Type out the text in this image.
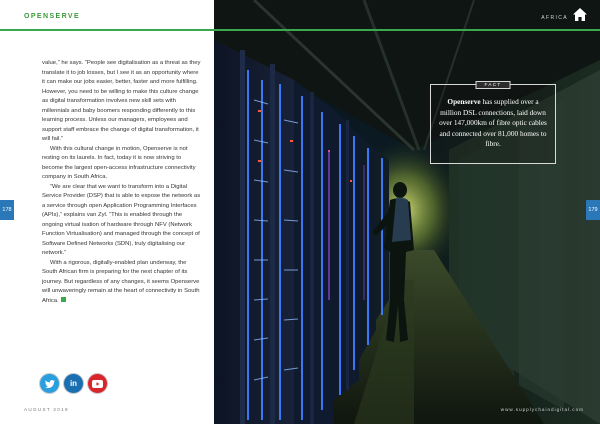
OPENSERVE

value,” he says. “People see digitalisation as a threat as they translate it to job losses, but I see it as an opportunity where it can make our jobs easier, better, faster and more fulfilling. However, you need to be willing to make this culture change as digital transformation involves new skill sets with millennials and baby boomers responding differently to this learning process. Unless our managers, employees and support staff embrace the change of digital transformation, it will fail.”

With this cultural change in motion, Openserve is not resting on its laurels. In fact, today it is now striving to become the largest open-access infrastructure connectivity company in South Africa.

“We are clear that we want to transform into a Digital Service Provider (DSP) that is able to expose the network as a service through open Application Programming Interfaces (APIs),” explains van Zyl. “This is enabled through the ongoing virtual isation of hardware through NFV (Network Function Virtualisation) and managed through the concept of Software Defined Networks (SDN), truly digitalising our network.”

With a rigorous, digitally-enabled plan underway, the South African firm is preparing for the next chapter of its journey. But regardless of any changes, it seems Openserve will unwaveringly remain at the heart of connectivity in South Africa.

in
AUGUST 2018
178
AFRICA
FACT
Openserve has supplied over a million DSL connections, laid down over 147,000km of fibre optic cables and connected over 81,000 homes to fibre.
179
www.supplychaindigital.com
